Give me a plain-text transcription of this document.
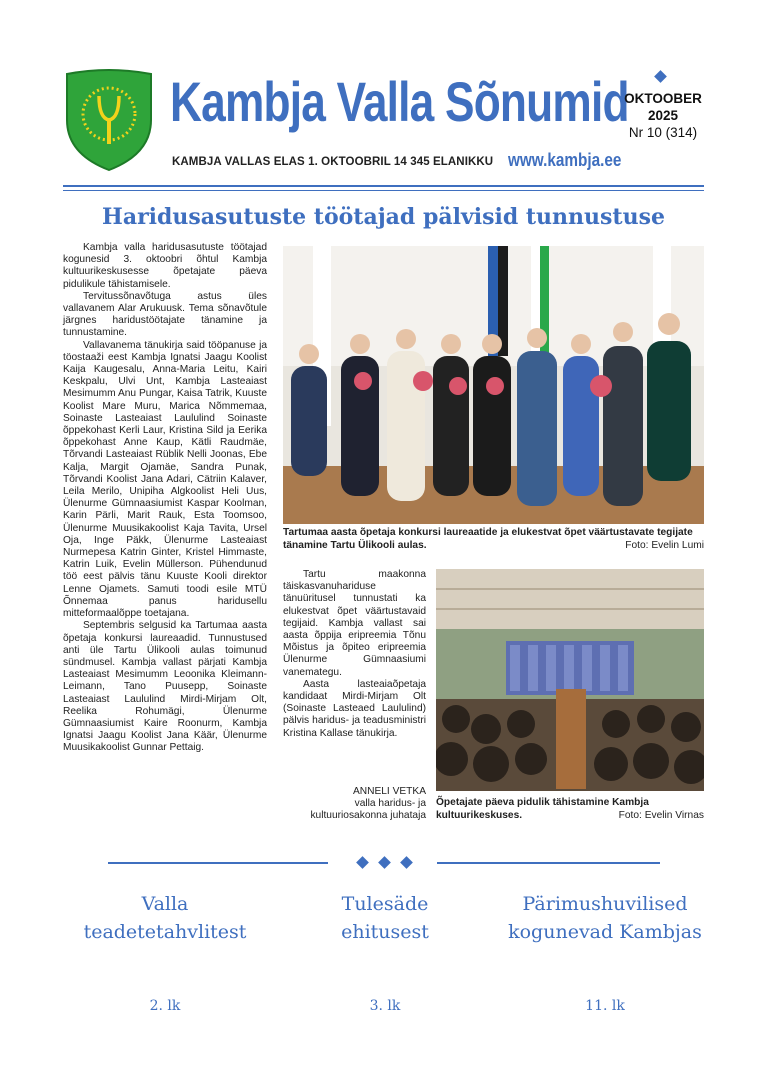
Kambja Valla Sõnumid
OKTOOBER
2025
Nr 10 (314)
KAMBJA VALLAS ELAS 1. OKTOOBRIL 14 345 ELANIKKU www.kambja.ee
Haridusasutuste töötajad pälvisid tunnustuse

Kambja valla haridusasutuste töötajad kogunesid 3. oktoobri õhtul Kambja kultuurikeskusesse õpetajate päeva pidulikule tähistamisele.

Tervitussõnavõtuga astus üles vallavanem Alar Arukuusk. Tema sõnavõtule järgnes haridustöötajate tänamine ja tunnustamine.

Vallavanema tänukirja said tööpanuse ja töostaaži eest Kambja Ignatsi Jaagu Koolist Kaija Kaugesalu, Anna-Maria Leitu, Kairi Keskpalu, Ulvi Unt, Kambja Lasteaiast Mesimumm Anu Pungar, Kaisa Tatrik, Kuuste Koolist Mare Muru, Marica Nõmmemaa, Soinaste Lasteaiast Laululind Soinaste õppekohast Kerli Laur, Kristina Sild ja Eerika õppekohast Anne Kaup, Kätli Raudmäe, Tõrvandi Lasteaiast Rüblik Nelli Joonas, Ebe Kalja, Margit Ojamäe, Sandra Punak, Tõrvandi Koolist Jana Adari, Cätriin Kalaver, Leila Merilo, Unipiha Algkoolist Heli Uus, Ülenurme Gümnaasiumist Kaspar Koolman, Karin Pärli, Marit Rauk, Esta Toomsoo, Ülenurme Muusikakoolist Kaja Tavita, Ursel Oja, Inge Päkk, Ülenurme Lasteaiast Nurmepesa Katrin Ginter, Kristel Himmaste, Katrin Luik, Evelin Müllerson. Pühendunud töö eest pälvis tänu Kuuste Kooli direktor Lenne Ojamets. Samuti toodi esile MTÜ Õnnemaa panus haridusellu mitteformaalõppe toetajana.

Septembris selgusid ka Tartumaa aasta õpetaja konkursi laureaadid. Tunnustused anti üle Tartu Ülikooli aulas toimunud sündmusel. Kambja vallast pärjati Kambja Lasteaiast Mesimumm Leoonika Kleimann-Leimann, Tano Puusepp, Soinaste Lasteaiast Laululind Mirdi-Mirjam Olt, Reelika Rohumägi, Ülenurme Gümnaasiumist Kaire Roonurm, Kambja Ignatsi Jaagu Koolist Jana Käär, Ülenurme Muusikakoolist Gunnar Pettaig.

Tartumaa aasta õpetaja konkursi laureaatide ja elukestvat õpet väärtustavate tegijate tänamine Tartu Ülikooli aulas.	Foto: Evelin Lumi

Tartu maakonna täiskasvanuhariduse tänuüritusel tunnustati ka elukestvat õpet väärtustavaid tegijaid. Kambja vallast sai aasta õppija eripreemia Tõnu Mõistus ja õpiteo eripreemia Ülenurme Gümnaasiumi vanemategu.

Aasta lasteaiaõpetaja kandidaat Mirdi-Mirjam Olt (Soinaste Lasteaed Laululind) pälvis haridus- ja teadusministri Kristina Kallase tänukirja.

ANNELI VETKA
valla haridus- ja kultuuriosakonna juhataja
Õpetajate päeva pidulik tähistamine Kambja kultuurikeskuses.	Foto: Evelin Virnas
Valla teadetetahvlitest
2. lk
Tulesäde ehitusest
3. lk
Pärimushuvilised kogunevad Kambjas
11. lk
